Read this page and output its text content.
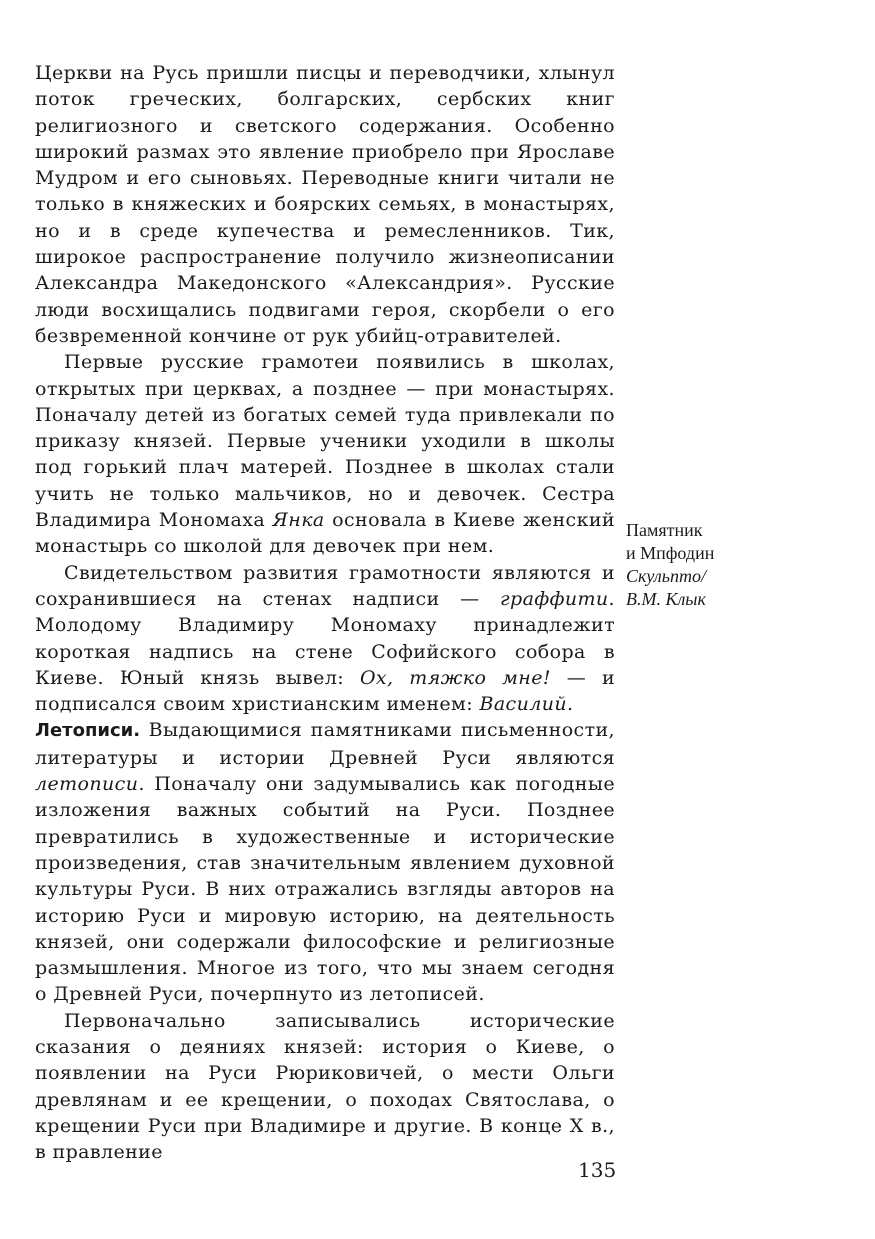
Церкви на Русь пришли писцы и переводчики, хлынул поток греческих, болгарских, сербских книг религиозного и светского содержания. Особенно широкий размах это явление приобрело при Ярославе Мудром и его сыновьях. Переводные книги читали не только в княжеских и боярских семьях, в монастырях, но и в среде купечества и ремесленников. Тик, широкое распространение получило жизнеописании Александра Македонского «Александрия». Русские люди восхищались подвигами героя, скорбели о его безвременной кончине от рук убийц-отравителей.

Первые русские грамотеи появились в школах, открытых при церквах, а позднее — при монастырях. Поначалу детей из богатых семей туда привлекали по приказу князей. Первые ученики уходили в школы под горький плач матерей. Позднее в школах стали учить не только мальчиков, но и девочек. Сестра Владимира Мономаха Янка основала в Киеве женский монастырь со школой для девочек при нем.

Свидетельством развития грамотности являются и сохранившиеся на стенах надписи — граффити. Молодому Владимиру Мономаху принадлежит короткая надпись на стене Софийского собора в Киеве. Юный князь вывел: Ох, тяжко мне! — и подписался своим христианским именем: Василий.

Летописи. Выдающимися памятниками письменности, литературы и истории Древней Руси являются летописи. Поначалу они задумывались как погодные изложения важных событий на Руси. Позднее превратились в художественные и исторические произведения, став значительным явлением духовной культуры Руси. В них отражались взгляды авторов на историю Руси и мировую историю, на деятельность князей, они содержали философские и религиозные размышления. Многое из того, что мы знаем сегодня о Древней Руси, почерпнуто из летописей.

Первоначально записывались исторические сказания о деяниях князей: история о Киеве, о появлении на Руси Рюриковичей, о мести Ольги древлянам и ее крещении, о походах Святослава, о крещении Руси при Владимире и другие. В конце X в., в правление

Памятник
и Мпфодин
Скульпто/
В.М. Клык
135
